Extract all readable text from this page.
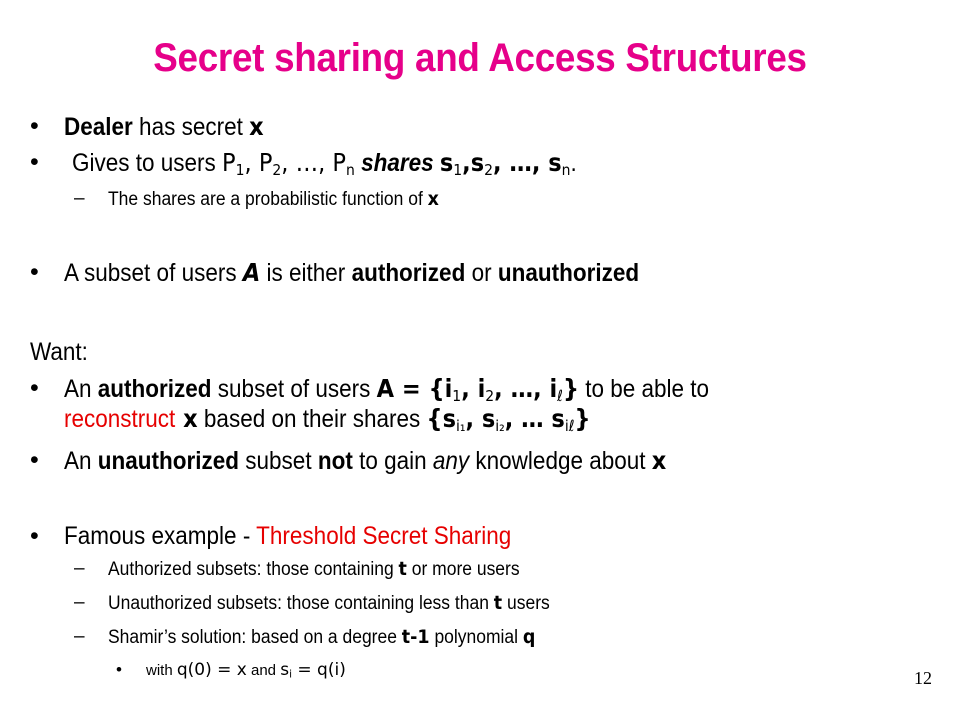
Secret sharing and Access Structures
• Dealer has secret x
• Gives to users $P_1$, $P_2$, …, $P_n$ shares $s_1,s_2$, …, $s_n$.
– The shares are a probabilistic function of x
• A subset of users A is either authorized or unauthorized
Want:
• An authorized subset of users $A = \{i_1$, $i_2$, …, $i_\ell$} to be able to
reconstruct x based on their shares {$s_{i_1}$, $s_{i_2}$, … $s_{i\ell}$}
• An unauthorized subset not to gain any knowledge about x
• Famous example - Threshold Secret Sharing
– Authorized subsets: those containing t or more users
– Unauthorized subsets: those containing less than t users
– Shamir’s solution: based on a degree t-1 polynomial q
• with q(0) = x and $s_i = q(i)$	12
